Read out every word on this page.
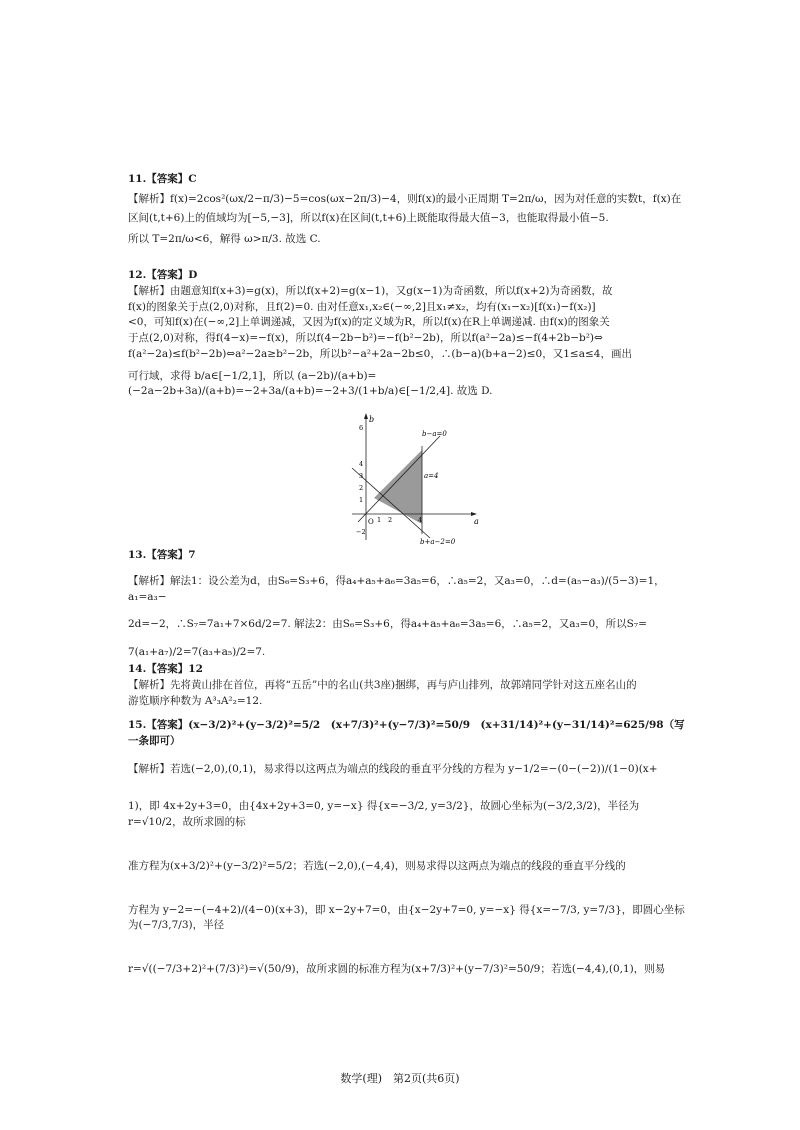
11.【答案】C

【解析】f(x)=2cos²(ωx/2−π/3)−5=cos(ωx−2π/3)−4，则f(x)的最小正周期 T=2π/ω，因为对任意的实数t，f(x)在

区间(t,t+6)上的值域均为[−5,−3]，所以f(x)在区间(t,t+6)上既能取得最大值−3，也能取得最小值−5.

所以 T=2π/ω<6，解得 ω>π/3. 故选 C.

12.【答案】D

【解析】由题意知f(x+3)=g(x)，所以f(x+2)=g(x−1)，又g(x−1)为奇函数，所以f(x+2)为奇函数，故

f(x)的图象关于点(2,0)对称，且f(2)=0. 由对任意x₁,x₂∈(−∞,2]且x₁≠x₂，均有(x₁−x₂)[f(x₁)−f(x₂)]

<0，可知f(x)在(−∞,2]上单调递减，又因为f(x)的定义域为R，所以f(x)在R上单调递减. 由f(x)的图象关

于点(2,0)对称，得f(4−x)=−f(x)，所以f(4−2b−b²)=−f(b²−2b)，所以f(a²−2a)≤−f(4+2b−b²)⇔

f(a²−2a)≤f(b²−2b)⇔a²−2a≥b²−2b，所以b²−a²+2a−2b≤0，∴(b−a)(b+a−2)≤0，又1≤a≤4，画出

可行域，求得 b/a∈[−1/2,1]，所以 (a−2b)/(a+b)=(−2a−2b+3a)/(a+b)=−2+3a/(a+b)=−2+3/(1+b/a)∈[−1/2,4]. 故选 D.

b
a
O
b−a=0
a=4
b+a−2=0
6
4
3
2
1
1 2	4
−2
13.【答案】7

【解析】解法1：设公差为d，由S₆=S₃+6，得a₄+a₅+a₆=3a₅=6，∴a₅=2，又a₃=0，∴d=(a₅−a₃)/(5−3)=1，a₁=a₃−

2d=−2，∴S₇=7a₁+7×6d/2=7. 解法2：由S₆=S₃+6，得a₄+a₅+a₆=3a₅=6，∴a₅=2，又a₃=0，所以S₇=

7(a₁+a₇)/2=7(a₃+a₅)/2=7.

14.【答案】12

【解析】先将黄山排在首位，再将“五岳”中的名山(共3座)捆绑，再与庐山排列，故郭靖同学针对这五座名山的

游览顺序种数为 A³₃A²₂=12.

15.【答案】(x−3/2)²+(y−3/2)²=5/2　(x+7/3)²+(y−7/3)²=50/9　(x+31/14)²+(y−31/14)²=625/98（写一条即可）

【解析】若选(−2,0),(0,1)，易求得以这两点为端点的线段的垂直平分线的方程为 y−1/2=−(0−(−2))/(1−0)(x+

1)，即 4x+2y+3=0，由{4x+2y+3=0, y=−x} 得{x=−3/2, y=3/2}，故圆心坐标为(−3/2,3/2)，半径为 r=√10/2，故所求圆的标

准方程为(x+3/2)²+(y−3/2)²=5/2；若选(−2,0),(−4,4)，则易求得以这两点为端点的线段的垂直平分线的

方程为 y−2=−(−4+2)/(4−0)(x+3)，即 x−2y+7=0，由{x−2y+7=0, y=−x} 得{x=−7/3, y=7/3}，即圆心坐标为(−7/3,7/3)，半径

r=√((−7/3+2)²+(7/3)²)=√(50/9)，故所求圆的标准方程为(x+7/3)²+(y−7/3)²=50/9；若选(−4,4),(0,1)，则易

数学(理)　第2页(共6页)
